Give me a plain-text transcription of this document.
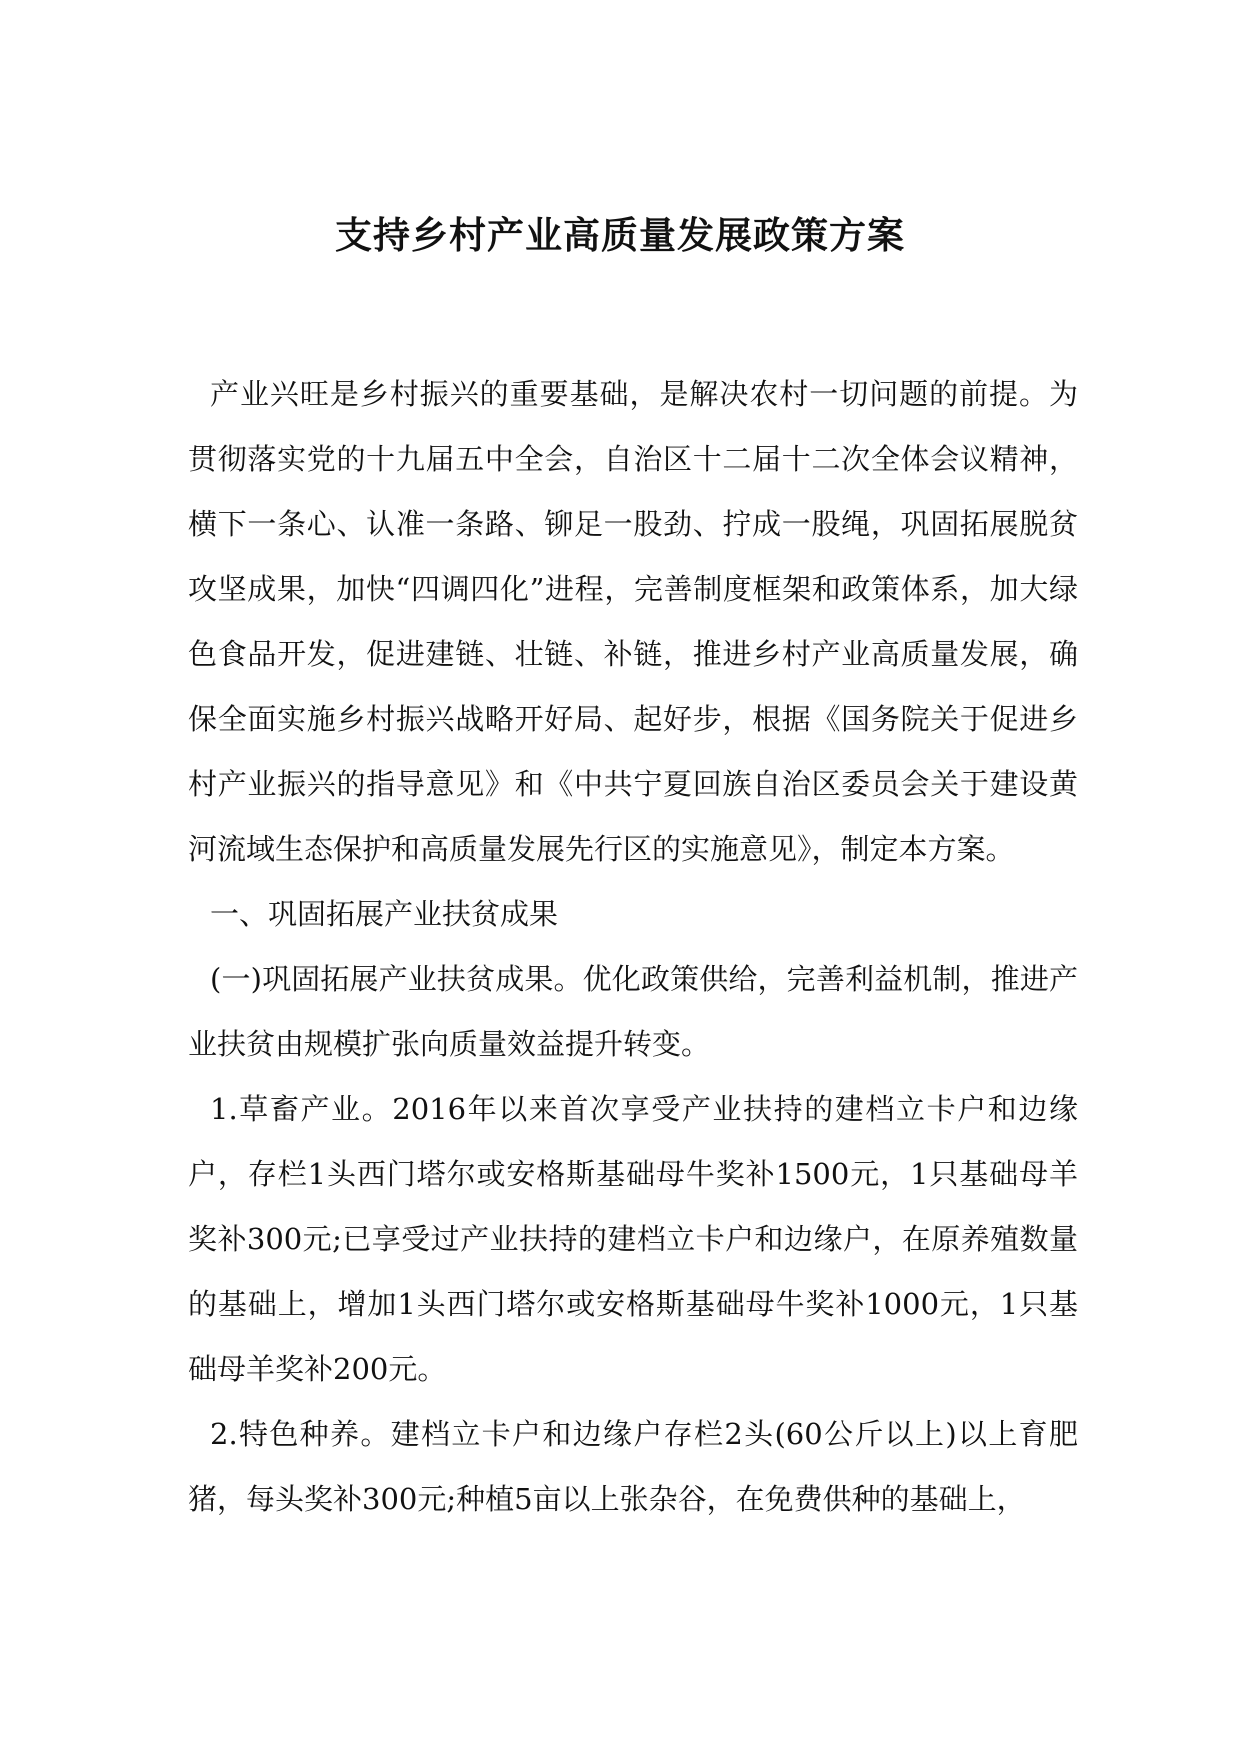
支持乡村产业高质量发展政策方案

产业兴旺是乡村振兴的重要基础，是解决农村一切问题的前提。为贯彻落实党的十九届五中全会，自治区十二届十二次全体会议精神，横下一条心、认准一条路、铆足一股劲、拧成一股绳，巩固拓展脱贫攻坚成果，加快“四调四化”进程，完善制度框架和政策体系，加大绿色食品开发，促进建链、壮链、补链，推进乡村产业高质量发展，确保全面实施乡村振兴战略开好局、起好步，根据《国务院关于促进乡村产业振兴的指导意见》和《中共宁夏回族自治区委员会关于建设黄河流域生态保护和高质量发展先行区的实施意见》，制定本方案。

一、巩固拓展产业扶贫成果

(一)巩固拓展产业扶贫成果。优化政策供给，完善利益机制，推进产业扶贫由规模扩张向质量效益提升转变。

1.草畜产业。2016年以来首次享受产业扶持的建档立卡户和边缘户，存栏1头西门塔尔或安格斯基础母牛奖补1500元，1只基础母羊奖补300元;已享受过产业扶持的建档立卡户和边缘户，在原养殖数量的基础上，增加1头西门塔尔或安格斯基础母牛奖补1000元，1只基础母羊奖补200元。

2.特色种养。建档立卡户和边缘户存栏2头(60公斤以上)以上育肥猪，每头奖补300元;种植5亩以上张杂谷，在免费供种的基础上，
